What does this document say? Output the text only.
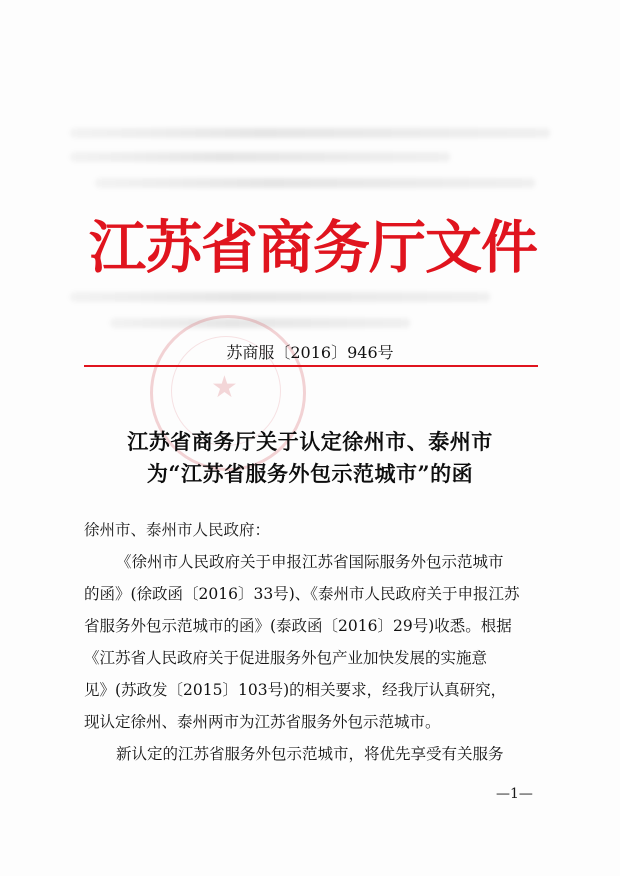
★
江苏省商务厅文件
苏商服〔2016〕946号
江苏省商务厅关于认定徐州市、泰州市
为“江苏省服务外包示范城市”的函
徐州市、泰州市人民政府：
《徐州市人民政府关于申报江苏省国际服务外包示范城市
的函》(徐政函〔2016〕33号)、《泰州市人民政府关于申报江苏
省服务外包示范城市的函》(泰政函〔2016〕29号)收悉。根据
《江苏省人民政府关于促进服务外包产业加快发展的实施意
见》(苏政发〔2015〕103号)的相关要求，经我厅认真研究，
现认定徐州、泰州两市为江苏省服务外包示范城市。
新认定的江苏省服务外包示范城市，将优先享受有关服务
—1—
